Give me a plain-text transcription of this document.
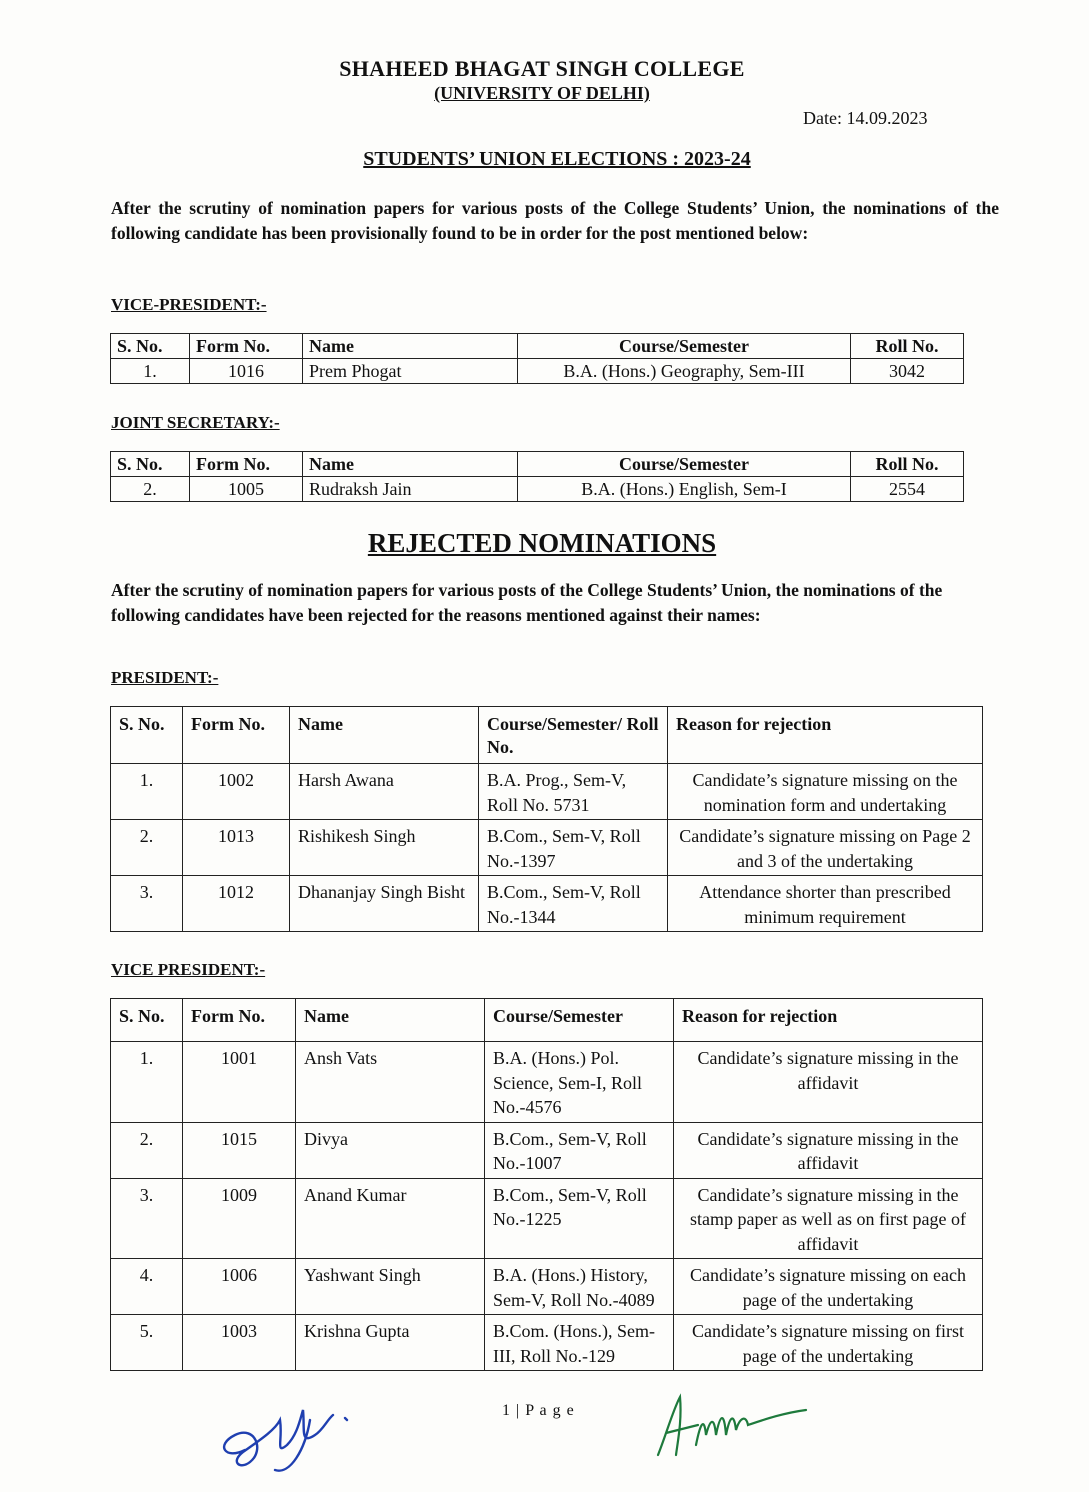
SHAHEED BHAGAT SINGH COLLEGE
(UNIVERSITY OF DELHI)
Date: 14.09.2023
STUDENTS’ UNION ELECTIONS : 2023-24
After the scrutiny of nomination papers for various posts of the College Students’ Union, the nominations of the following candidate has been provisionally found to be in order for the post mentioned below:
VICE-PRESIDENT:-
S. No.	Form No.	Name	Course/Semester	Roll No.
1.	1016	Prem Phogat	B.A. (Hons.) Geography, Sem-III	3042
JOINT SECRETARY:-
S. No.	Form No.	Name	Course/Semester	Roll No.
2.	1005	Rudraksh Jain	B.A. (Hons.) English, Sem-I	2554
REJECTED NOMINATIONS
After the scrutiny of nomination papers for various posts of the College Students’ Union, the nominations of the following candidates have been rejected for the reasons mentioned against their names:
PRESIDENT:-
S. No.	Form No.	Name	Course/Semester/ Roll No.	Reason for rejection
1.	1002	Harsh Awana	B.A. Prog., Sem-V, Roll No. 5731	Candidate’s signature missing on the nomination form and undertaking
2.	1013	Rishikesh Singh	B.Com., Sem-V, Roll No.-1397	Candidate’s signature missing on Page 2 and 3 of the undertaking
3.	1012	Dhananjay Singh Bisht	B.Com., Sem-V, Roll No.-1344	Attendance shorter than prescribed minimum requirement
VICE PRESIDENT:-
S. No.	Form No.	Name	Course/Semester	Reason for rejection
1.	1001	Ansh Vats	B.A. (Hons.) Pol. Science, Sem-I, Roll No.-4576	Candidate’s signature missing in the affidavit
2.	1015	Divya	B.Com., Sem-V, Roll No.-1007	Candidate’s signature missing in the affidavit
3.	1009	Anand Kumar	B.Com., Sem-V, Roll No.-1225	Candidate’s signature missing in the stamp paper as well as on first page of affidavit
4.	1006	Yashwant Singh	B.A. (Hons.) History, Sem-V, Roll No.-4089	Candidate’s signature missing on each page of the undertaking
5.	1003	Krishna Gupta	B.Com. (Hons.), Sem-III, Roll No.-129	Candidate’s signature missing on first page of the undertaking
1 | P a g e
